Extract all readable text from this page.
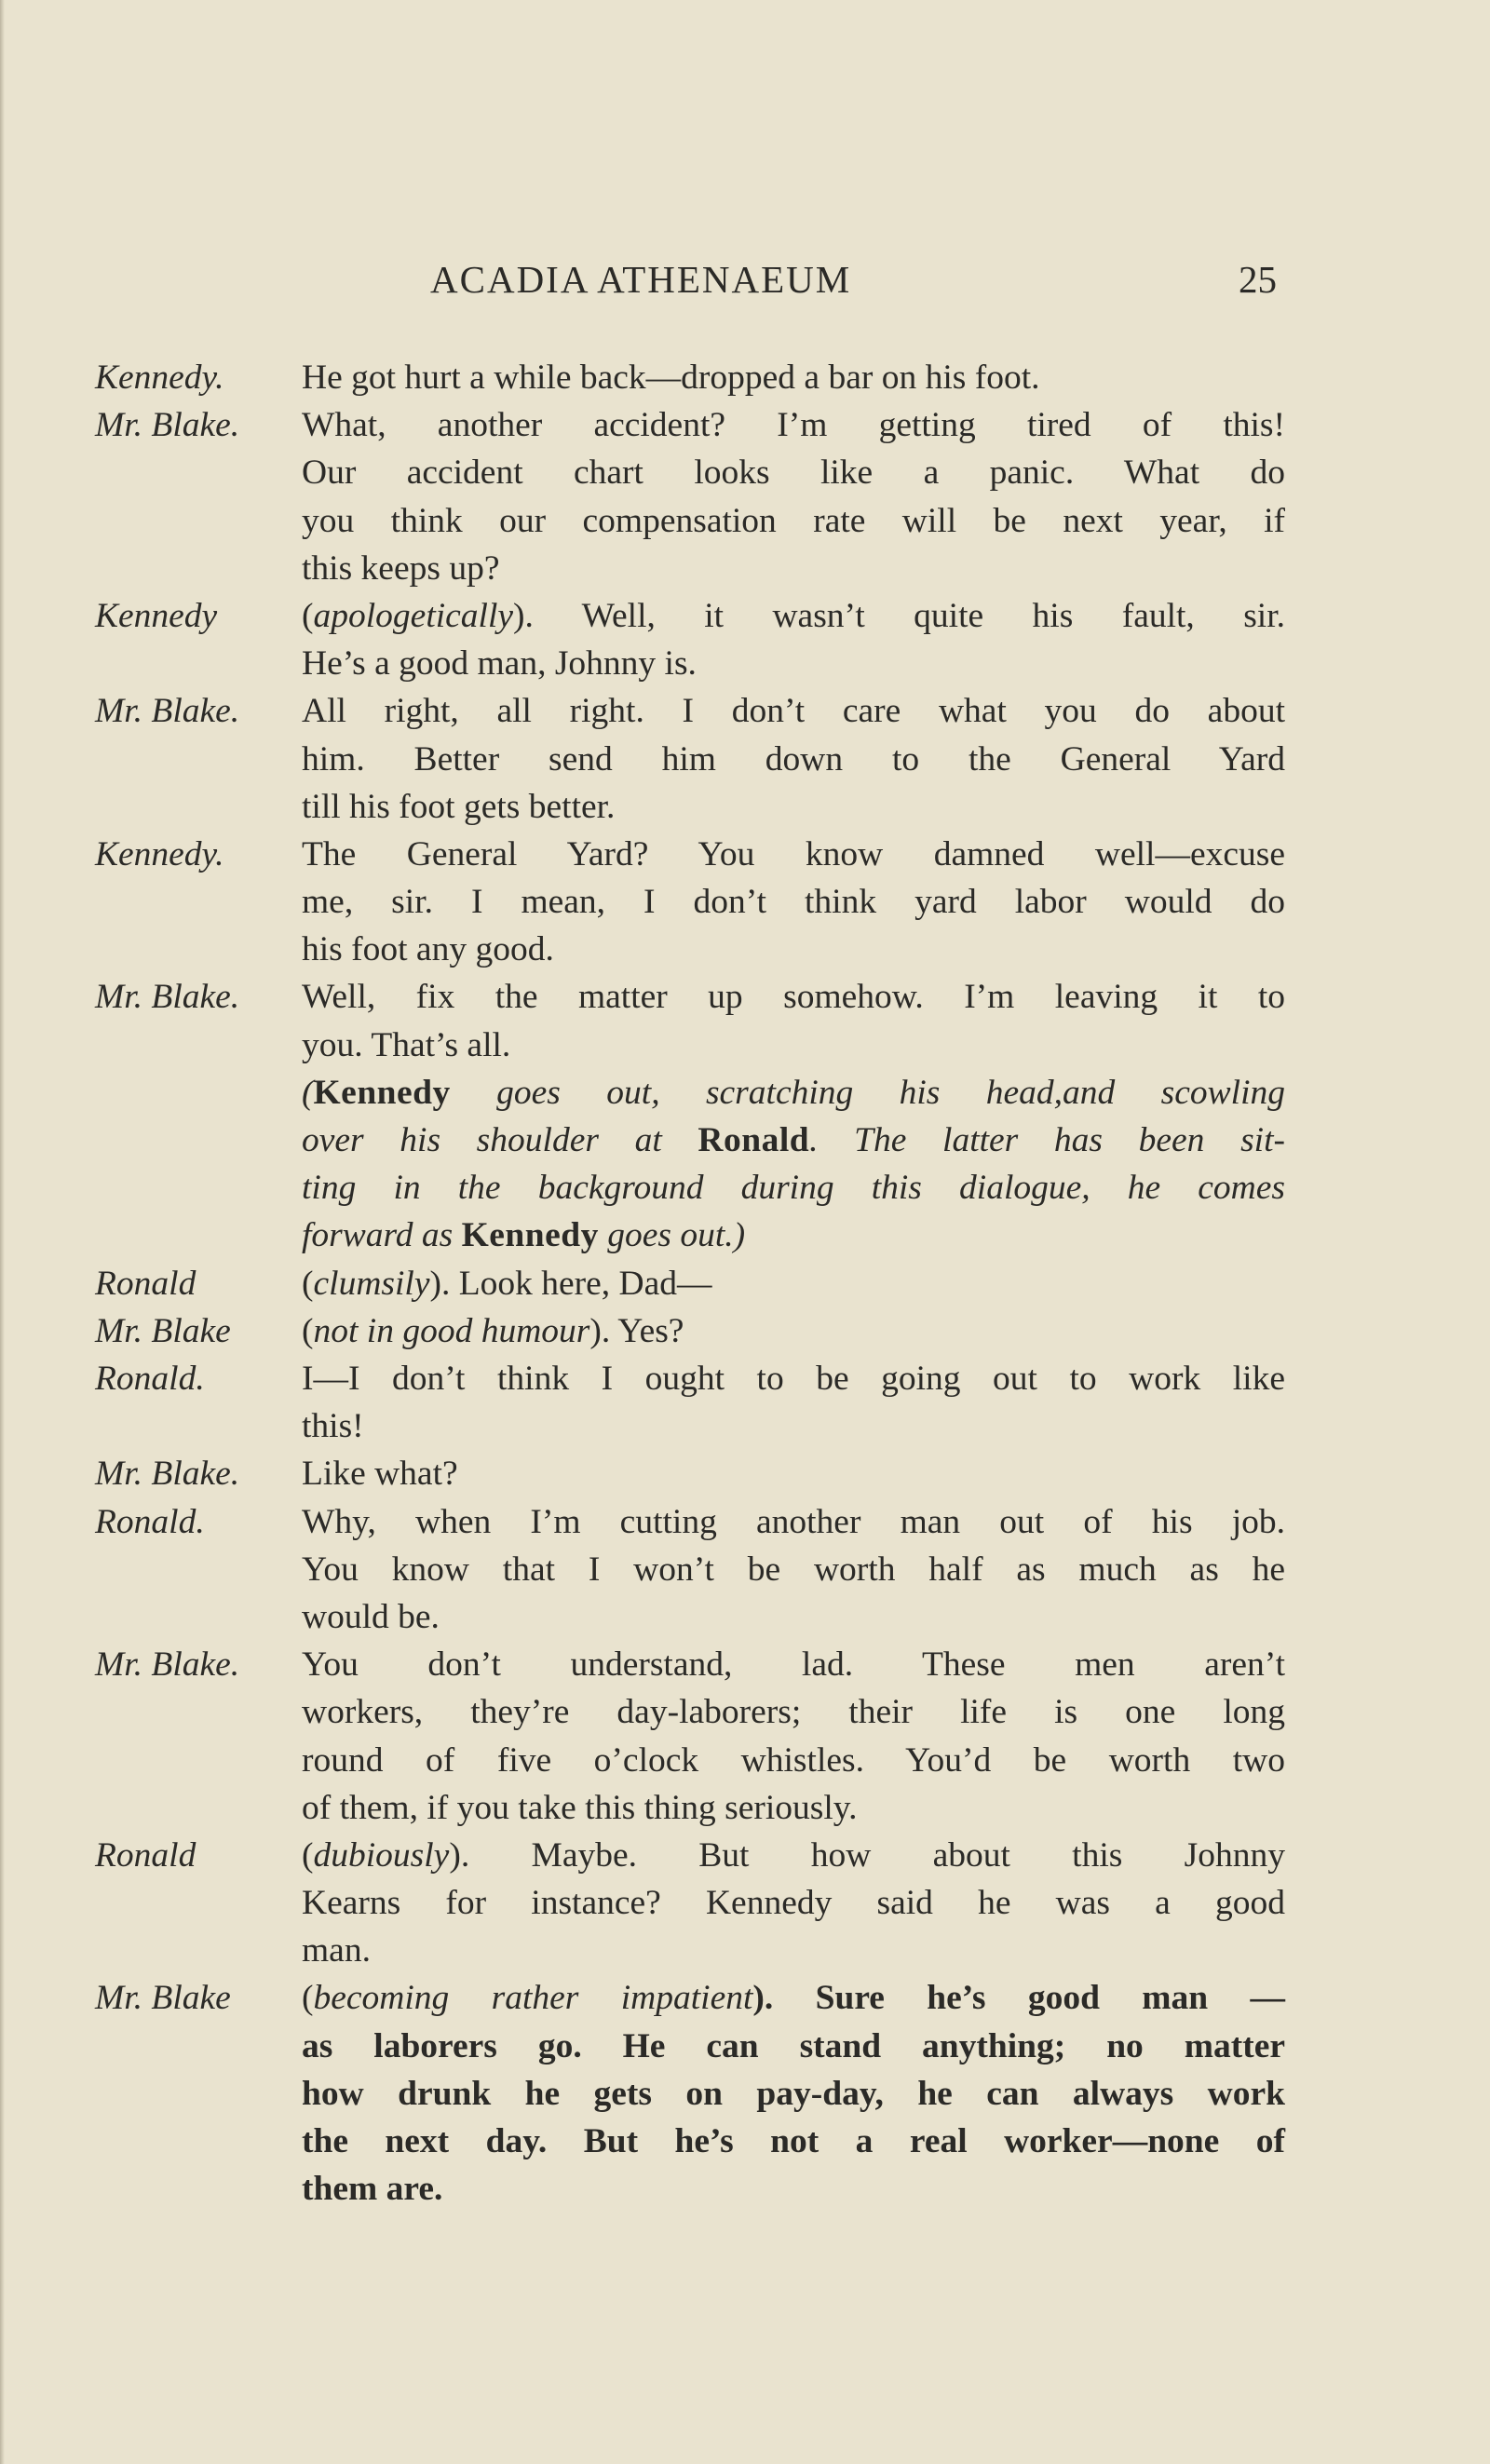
ACADIA ATHENAEUM	25
Kennedy.	He got hurt a while back—dropped a bar on his foot.
Mr. Blake.	What, another accident? I’m getting tired of this!
Our accident chart looks like a panic. What do
you think our compensation rate will be next year, if
this keeps up?
Kennedy	(apologetically). Well, it wasn’t quite his fault, sir.
He’s a good man, Johnny is.
Mr. Blake.	All right, all right. I don’t care what you do about
him. Better send him down to the General Yard
till his foot gets better.
Kennedy.	The General Yard? You know damned well—excuse
me, sir. I mean, I don’t think yard labor would do
his foot any good.
Mr. Blake.	Well, fix the matter up somehow. I’m leaving it to
you. That’s all.
(Kennedy goes out, scratching his head,and scowling
over his shoulder at Ronald. The latter has been sit-
ting in the background during this dialogue, he comes
forward as Kennedy goes out.)
Ronald	(clumsily). Look here, Dad—
Mr. Blake	(not in good humour). Yes?
Ronald.	I—I don’t think I ought to be going out to work like
this!
Mr. Blake.	Like what?
Ronald.	Why, when I’m cutting another man out of his job.
You know that I won’t be worth half as much as he
would be.
Mr. Blake.	You don’t understand, lad. These men aren’t
workers, they’re day-laborers; their life is one long
round of five o’clock whistles. You’d be worth two
of them, if you take this thing seriously.
Ronald	(dubiously). Maybe. But how about this Johnny
Kearns for instance? Kennedy said he was a good
man.
Mr. Blake	(becoming rather impatient). Sure he’s good man —
as laborers go. He can stand anything; no matter
how drunk he gets on pay-day, he can always work
the next day. But he’s not a real worker—none of
them are.
